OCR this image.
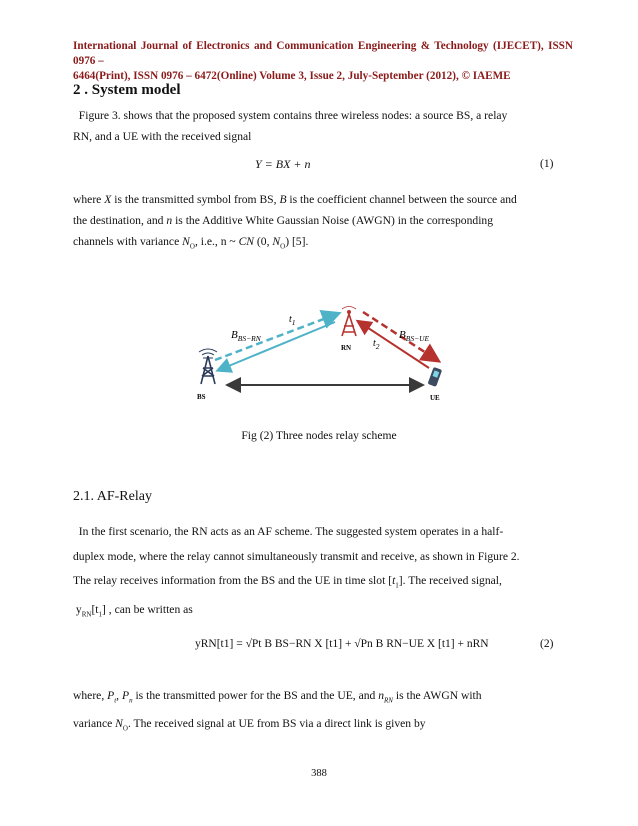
International Journal of Electronics and Communication Engineering & Technology (IJECET), ISSN 0976 –
6464(Print), ISSN 0976 – 6472(Online) Volume 3, Issue 2, July-September (2012), © IAEME
2 . System model

Figure 3. shows that the proposed system contains three wireless nodes: a source BS, a relay
RN, and a UE with the received signal

Y = BX + n	(1)

where X is the transmitted symbol from BS, B is the coefficient channel between the source and
the destination, and n is the Additive White Gaussian Noise (AWGN) in the corresponding
channels with variance $N_O$, i.e., n ~ CN (0, $N_O$) [5].

BS
RN
UE
$B_{BS-RN}$
$t_1$
$t_2$
$B_{BS-UE}$
Fig (2) Three nodes relay scheme
2.1. AF-Relay

In the first scenario, the RN acts as an AF scheme. The suggested system operates in a half-
duplex mode, where the relay cannot simultaneously transmit and receive, as shown in Figure 2.
The relay receives information from the BS and the UE in time slot $[t_1]$. The received signal,
$y_{RN}[t_1]$ , can be written as

yRN[t1] = √Pt B BS−RN X [t1] + √Pn B RN−UE X [t1] + nRN	(2)

where, $P_t$, $P_n$ is the transmitted power for the BS and the UE, and $n_{RN}$ is the AWGN with
variance $N_O$. The received signal at UE from BS via a direct link is given by

388
